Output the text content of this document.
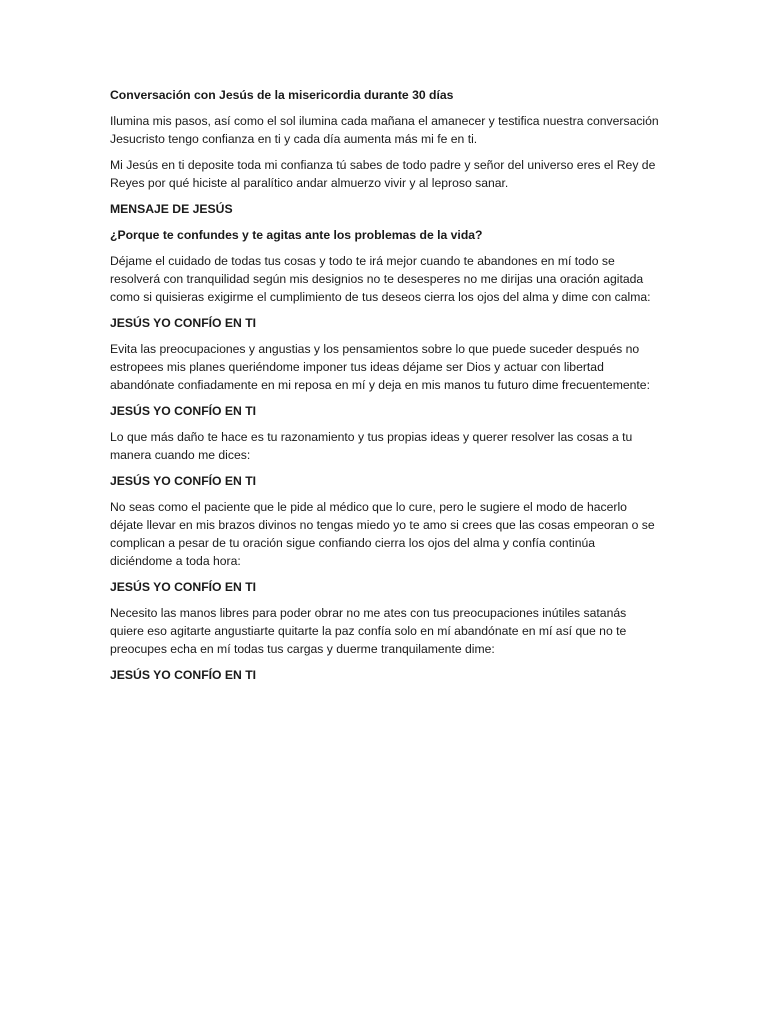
Conversación con Jesús de la misericordia durante 30 días

Ilumina mis pasos, así como el sol ilumina cada mañana el amanecer y testifica nuestra conversación Jesucristo tengo confianza en ti y cada día aumenta más mi fe en ti.

Mi Jesús en ti deposite toda mi confianza tú sabes de todo padre y señor del universo eres el Rey de Reyes por qué hiciste al paralítico andar almuerzo vivir y al leproso sanar.

MENSAJE DE JESÚS

¿Porque te confundes y te agitas ante los problemas de la vida?

Déjame el cuidado de todas tus cosas y todo te irá mejor cuando te abandones en mí todo se resolverá con tranquilidad según mis designios no te desesperes no me dirijas una oración agitada como si quisieras exigirme el cumplimiento de tus deseos cierra los ojos del alma y dime con calma:

JESÚS YO CONFÍO EN TI

Evita las preocupaciones y angustias y los pensamientos sobre lo que puede suceder después no estropees mis planes queriéndome imponer tus ideas déjame ser Dios y actuar con libertad abandónate confiadamente en mi reposa en mí y deja en mis manos tu futuro dime frecuentemente:

JESÚS YO CONFÍO EN TI

Lo que más daño te hace es tu razonamiento y tus propias ideas y querer resolver las cosas a tu manera cuando me dices:

JESÚS YO CONFÍO EN TI

No seas como el paciente que le pide al médico que lo cure, pero le sugiere el modo de hacerlo déjate llevar en mis brazos divinos no tengas miedo yo te amo si crees que las cosas empeoran o se complican a pesar de tu oración sigue confiando cierra los ojos del alma y confía continúa diciéndome a toda hora:

JESÚS YO CONFÍO EN TI

Necesito las manos libres para poder obrar no me ates con tus preocupaciones inútiles satanás quiere eso agitarte angustiarte quitarte la paz confía solo en mí abandónate en mí así que no te preocupes echa en mí todas tus cargas y duerme tranquilamente dime:

JESÚS YO CONFÍO EN TI
